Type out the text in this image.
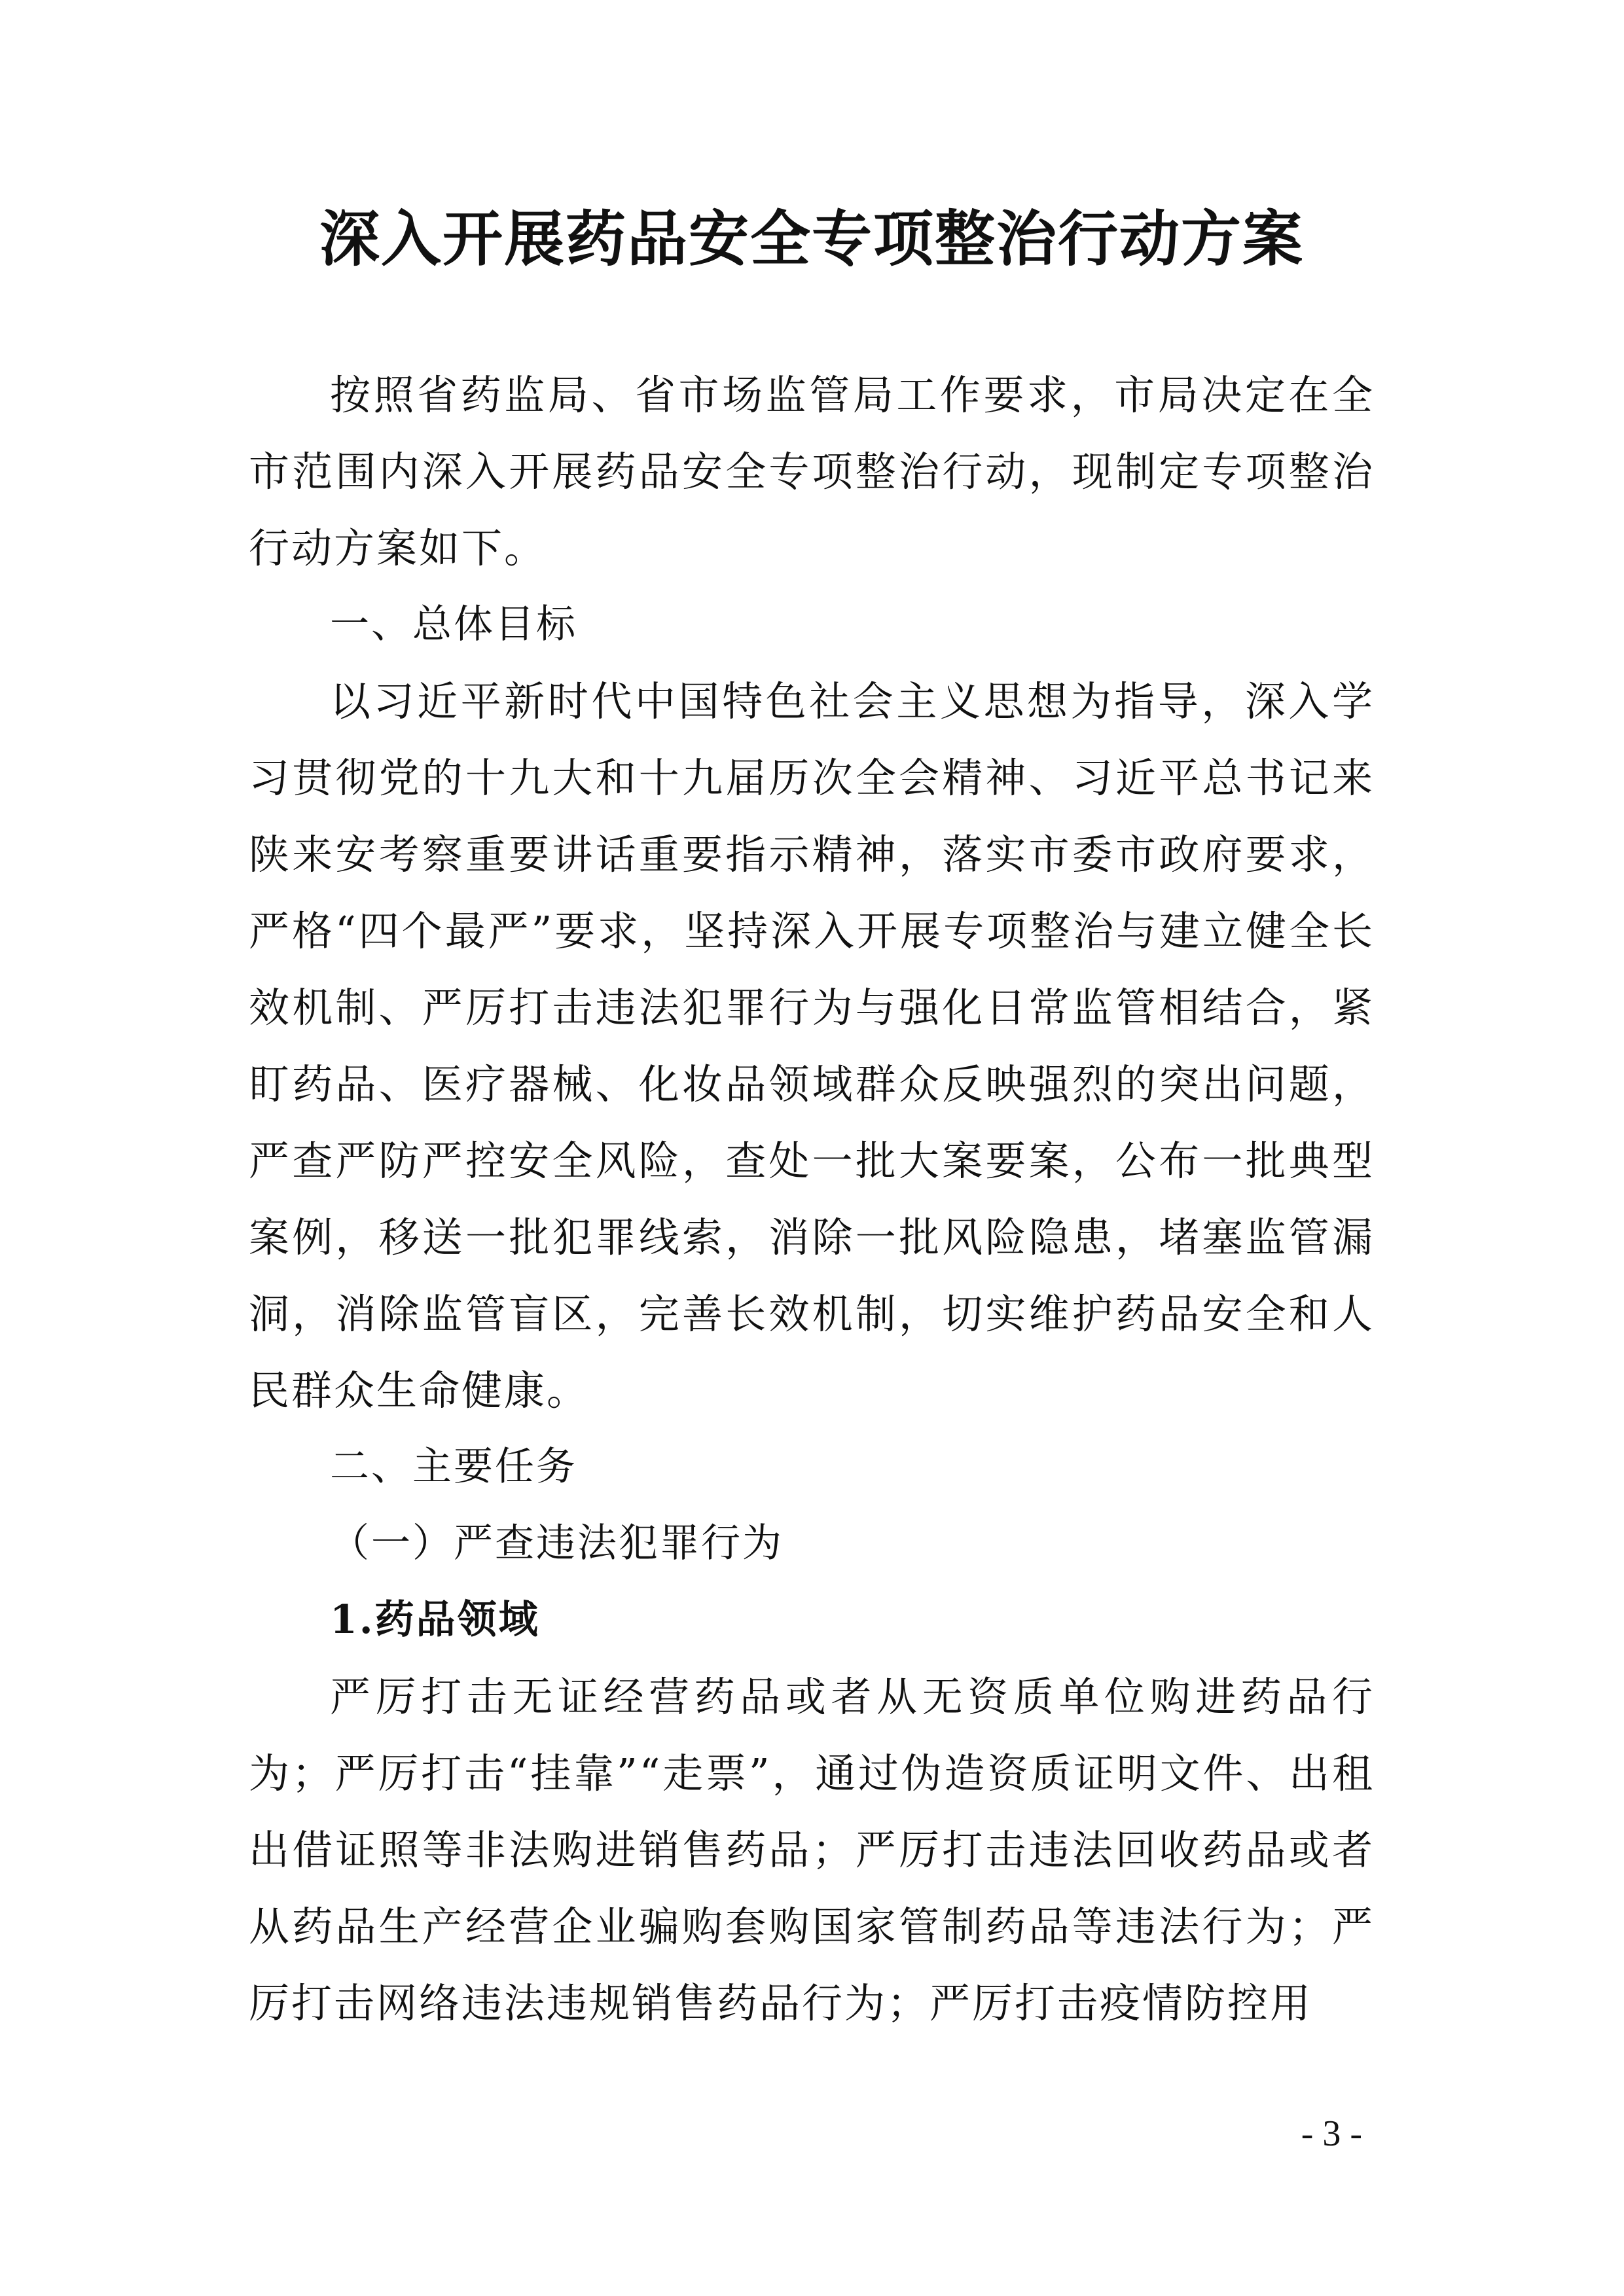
深入开展药品安全专项整治行动方案

按照省药监局、省市场监管局工作要求，市局决定在全市范围内深入开展药品安全专项整治行动，现制定专项整治行动方案如下。

一、总体目标

以习近平新时代中国特色社会主义思想为指导，深入学习贯彻党的十九大和十九届历次全会精神、习近平总书记来陕来安考察重要讲话重要指示精神，落实市委市政府要求，严格“四个最严”要求，坚持深入开展专项整治与建立健全长效机制、严厉打击违法犯罪行为与强化日常监管相结合，紧盯药品、医疗器械、化妆品领域群众反映强烈的突出问题，严查严防严控安全风险，查处一批大案要案，公布一批典型案例，移送一批犯罪线索，消除一批风险隐患，堵塞监管漏洞，消除监管盲区，完善长效机制，切实维护药品安全和人民群众生命健康。

二、主要任务

（一）严查违法犯罪行为

1.药品领域

严厉打击无证经营药品或者从无资质单位购进药品行为；严厉打击“挂靠”“走票”，通过伪造资质证明文件、出租出借证照等非法购进销售药品；严厉打击违法回收药品或者从药品生产经营企业骗购套购国家管制药品等违法行为；严厉打击网络违法违规销售药品行为；严厉打击疫情防控用

- 3 -
